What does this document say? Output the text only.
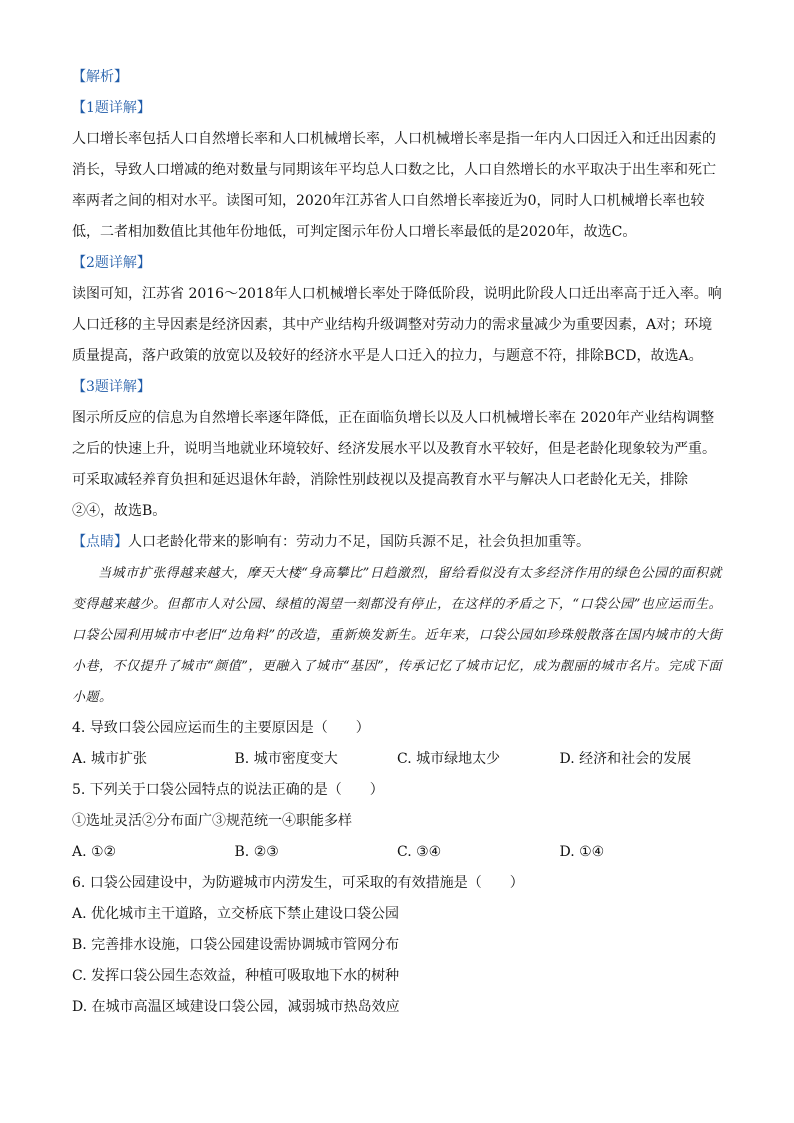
【解析】

【1题详解】

人口增长率包括人口自然增长率和人口机械增长率，人口机械增长率是指一年内人口因迁入和迁出因素的消长，导致人口增减的绝对数量与同期该年平均总人口数之比，人口自然增长的水平取决于出生率和死亡率两者之间的相对水平。读图可知，2020年江苏省人口自然增长率接近为0，同时人口机械增长率也较低，二者相加数值比其他年份地低，可判定图示年份人口增长率最低的是2020年，故选C。

【2题详解】

读图可知，江苏省 2016～2018年人口机械增长率处于降低阶段，说明此阶段人口迁出率高于迁入率。响人口迁移的主导因素是经济因素，其中产业结构升级调整对劳动力的需求量减少为重要因素，A对；环境质量提高，落户政策的放宽以及较好的经济水平是人口迁入的拉力，与题意不符，排除BCD，故选A。

【3题详解】

图示所反应的信息为自然增长率逐年降低，正在面临负增长以及人口机械增长率在 2020年产业结构调整之后的快速上升，说明当地就业环境较好、经济发展水平以及教育水平较好，但是老龄化现象较为严重。可采取减轻养育负担和延迟退休年龄，消除性别歧视以及提高教育水平与解决人口老龄化无关，排除②④，故选B。

【点睛】人口老龄化带来的影响有：劳动力不足，国防兵源不足，社会负担加重等。

当城市扩张得越来越大，摩天大楼“身高攀比”日趋激烈，留给看似没有太多经济作用的绿色公园的面积就变得越来越少。但都市人对公园、绿植的渴望一刻都没有停止，在这样的矛盾之下，“口袋公园”也应运而生。口袋公园利用城市中老旧“边角料”的改造，重新焕发新生。近年来，口袋公园如珍珠般散落在国内城市的大街小巷，不仅提升了城市“颜值”，更融入了城市“基因”，传承记忆了城市记忆，成为靓丽的城市名片。完成下面小题。

4. 导致口袋公园应运而生的主要原因是（　　）

A. 城市扩张	B. 城市密度变大	C. 城市绿地太少	D. 经济和社会的发展

5. 下列关于口袋公园特点的说法正确的是（　　）

①选址灵活②分布面广③规范统一④职能多样

A. ①②	B. ②③	C. ③④	D. ①④

6. 口袋公园建设中，为防避城市内涝发生，可采取的有效措施是（　　）

A. 优化城市主干道路，立交桥底下禁止建设口袋公园

B. 完善排水设施，口袋公园建设需协调城市管网分布

C. 发挥口袋公园生态效益，种植可吸取地下水的树种

D. 在城市高温区域建设口袋公园，减弱城市热岛效应
